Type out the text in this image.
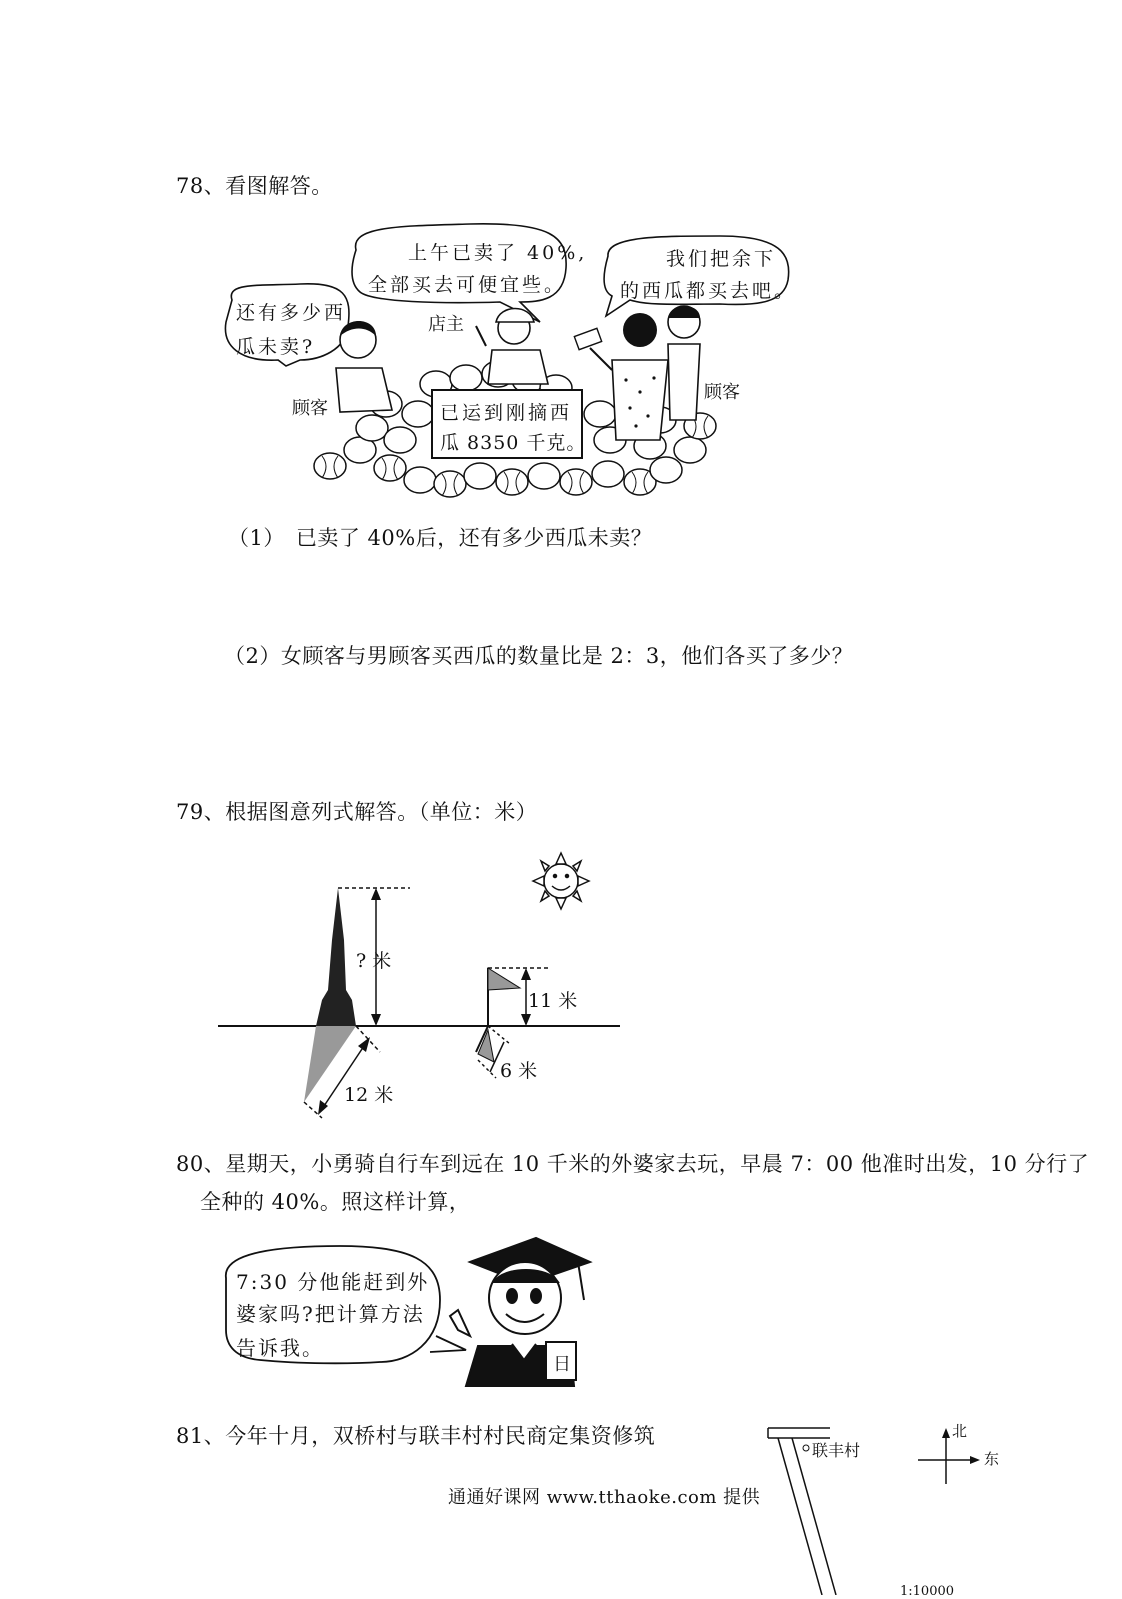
78、看图解答。
还有多少西
瓜未卖?
上午已卖了 40%,
全部买去可便宜些。
我们把余下
的西瓜都买去吧。
店主
顾客
顾客
已运到刚摘西
瓜 8350 千克。
（1）　已卖了 40%后，还有多少西瓜未卖？
（2）女顾客与男顾客买西瓜的数量比是 2：3，他们各买了多少？
79、根据图意列式解答。（单位：米）
? 米
11 米
6 米
12 米
80、星期天，小勇骑自行车到远在 10 千米的外婆家去玩，早晨 7：00 他准时出发，10 分行了
全种的 40%。照这样计算，
7:30 分他能赶到外
婆家吗?把计算方法
告诉我。
日
81、今年十月，双桥村与联丰村村民商定集资修筑
联丰村
北
东
1:10000
通通好课网 www.tthaoke.com 提供
